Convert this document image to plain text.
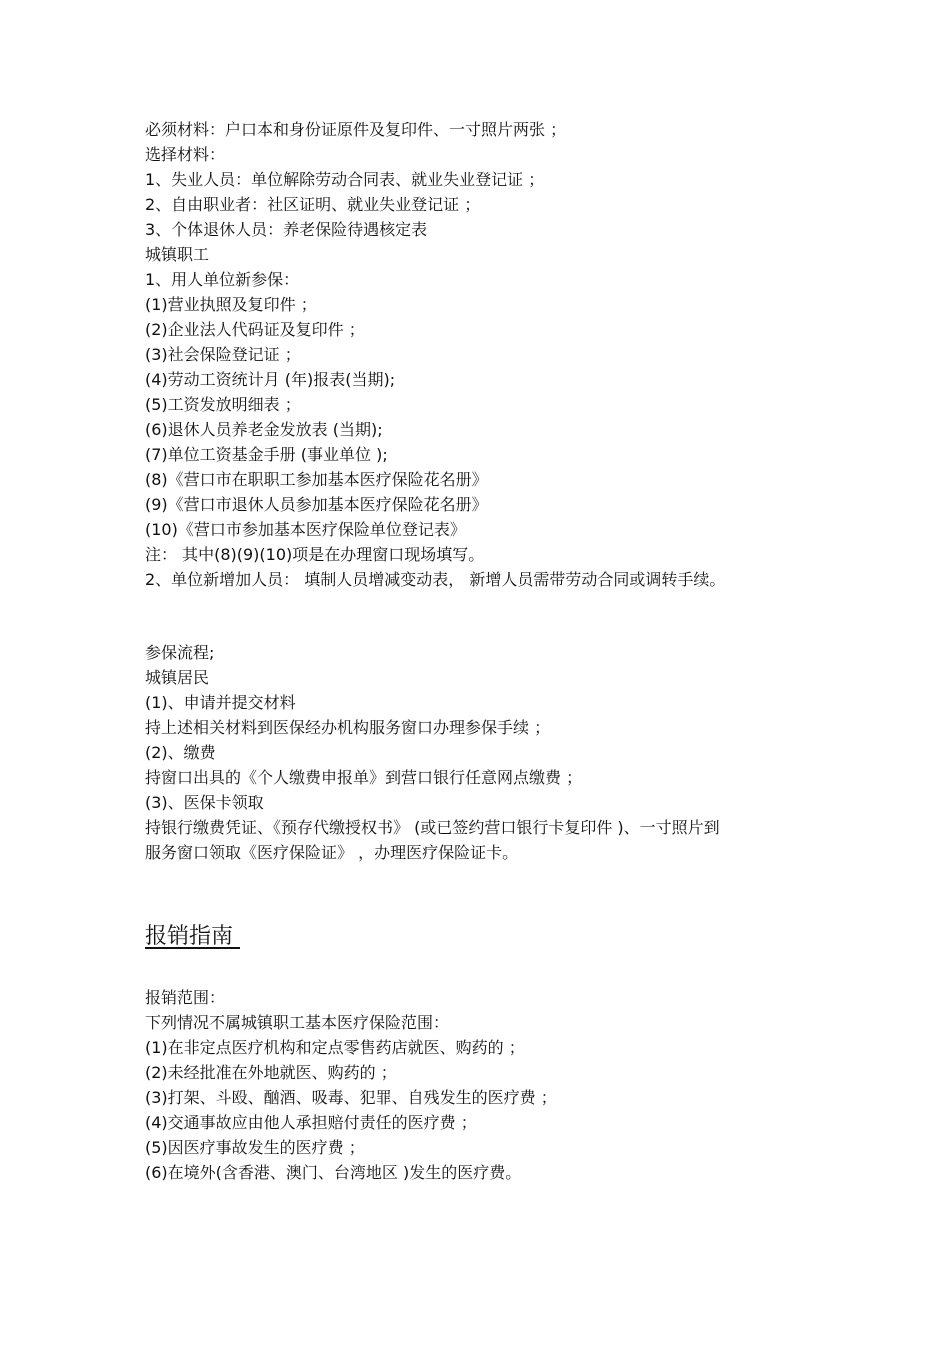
必须材料：户口本和身份证原件及复印件、一寸照片两张 ；
选择材料：
1、失业人员：单位解除劳动合同表、就业失业登记证 ；
2、自由职业者：社区证明、就业失业登记证 ；
3、个体退休人员：养老保险待遇核定表
城镇职工
1、用人单位新参保：
(1)营业执照及复印件 ；
(2)企业法人代码证及复印件 ；
(3)社会保险登记证 ；
(4)劳动工资统计月 (年)报表(当期);
(5)工资发放明细表 ；
(6)退休人员养老金发放表 (当期);
(7)单位工资基金手册 (事业单位 );
(8)《营口市在职职工参加基本医疗保险花名册》
(9)《营口市退休人员参加基本医疗保险花名册》
(10)《营口市参加基本医疗保险单位登记表》
注： 其中(8)(9)(10)项是在办理窗口现场填写。
2、单位新增加人员： 填制人员增减变动表， 新增人员需带劳动合同或调转手续。
参保流程;
城镇居民
(1)、申请并提交材料
持上述相关材料到医保经办机构服务窗口办理参保手续 ；
(2)、缴费
持窗口出具的《个人缴费申报单》到营口银行任意网点缴费 ；
(3)、医保卡领取
持银行缴费凭证、《预存代缴授权书》 (或已签约营口银行卡复印件 )、一寸照片到
服务窗口领取《医疗保险证》 ，办理医疗保险证卡。
报销指南
报销范围：
下列情况不属城镇职工基本医疗保险范围：
(1)在非定点医疗机构和定点零售药店就医、购药的 ；
(2)未经批准在外地就医、购药的 ；
(3)打架、斗殴、酗酒、吸毒、犯罪、自残发生的医疗费 ；
(4)交通事故应由他人承担赔付责任的医疗费 ；
(5)因医疗事故发生的医疗费 ；
(6)在境外(含香港、澳门、台湾地区 )发生的医疗费。
